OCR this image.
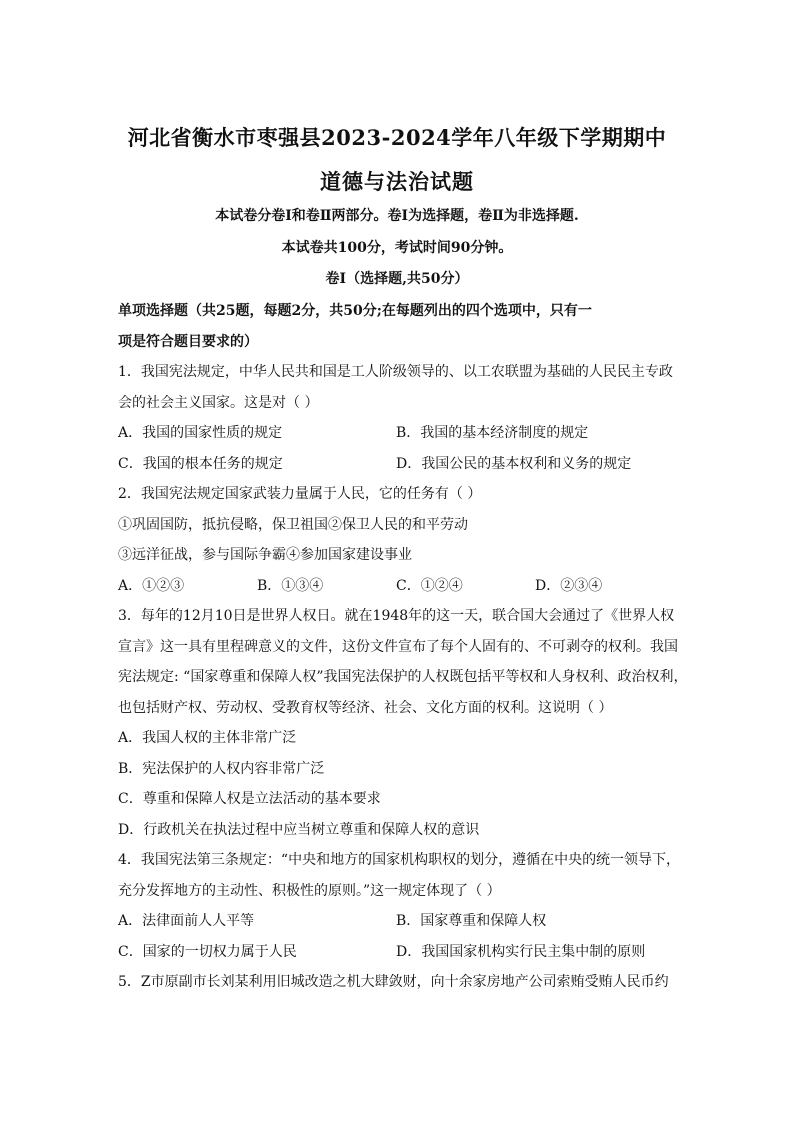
河北省衡水市枣强县2023-2024学年八年级下学期期中
道德与法治试题
本试卷分卷Ⅰ和卷Ⅱ两部分。卷Ⅰ为选择题，卷Ⅱ为非选择题.
本试卷共100分，考试时间90分钟。
卷Ⅰ（选择题,共50分）
单项选择题（共25题，每题2分，共50分;在每题列出的四个选项中，只有一
项是符合题目要求的）
1．我国宪法规定，中华人民共和国是工人阶级领导的、以工农联盟为基础的人民民主专政
会的社会主义国家。这是对（ ）
A．我国的国家性质的规定	B．我国的基本经济制度的规定
C．我国的根本任务的规定	D．我国公民的基本权利和义务的规定
2．我国宪法规定国家武装力量属于人民，它的任务有（ ）
①巩固国防，抵抗侵略，保卫祖国②保卫人民的和平劳动
③远洋征战，参与国际争霸④参加国家建设事业
A．①②③	B．①③④	C．①②④	D．②③④
3．每年的12月10日是世界人权日。就在1948年的这一天，联合国大会通过了《世界人权
宣言》这一具有里程碑意义的文件，这份文件宣布了每个人固有的、不可剥夺的权利。我国
宪法规定: “国家尊重和保障人权”我国宪法保护的人权既包括平等权和人身权利、政治权利，
也包括财产权、劳动权、受教育权等经济、社会、文化方面的权利。这说明（ ）
A．我国人权的主体非常广泛
B．宪法保护的人权内容非常广泛
C．尊重和保障人权是立法活动的基本要求
D．行政机关在执法过程中应当树立尊重和保障人权的意识
4．我国宪法第三条规定：“中央和地方的国家机构职权的划分，遵循在中央的统一领导下，
充分发挥地方的主动性、积极性的原则。”这一规定体现了（ ）
A．法律面前人人平等	B．国家尊重和保障人权
C．国家的一切权力属于人民	D．我国国家机构实行民主集中制的原则
5．Z市原副市长刘某利用旧城改造之机大肆敛财，向十余家房地产公司索贿受贿人民币约
